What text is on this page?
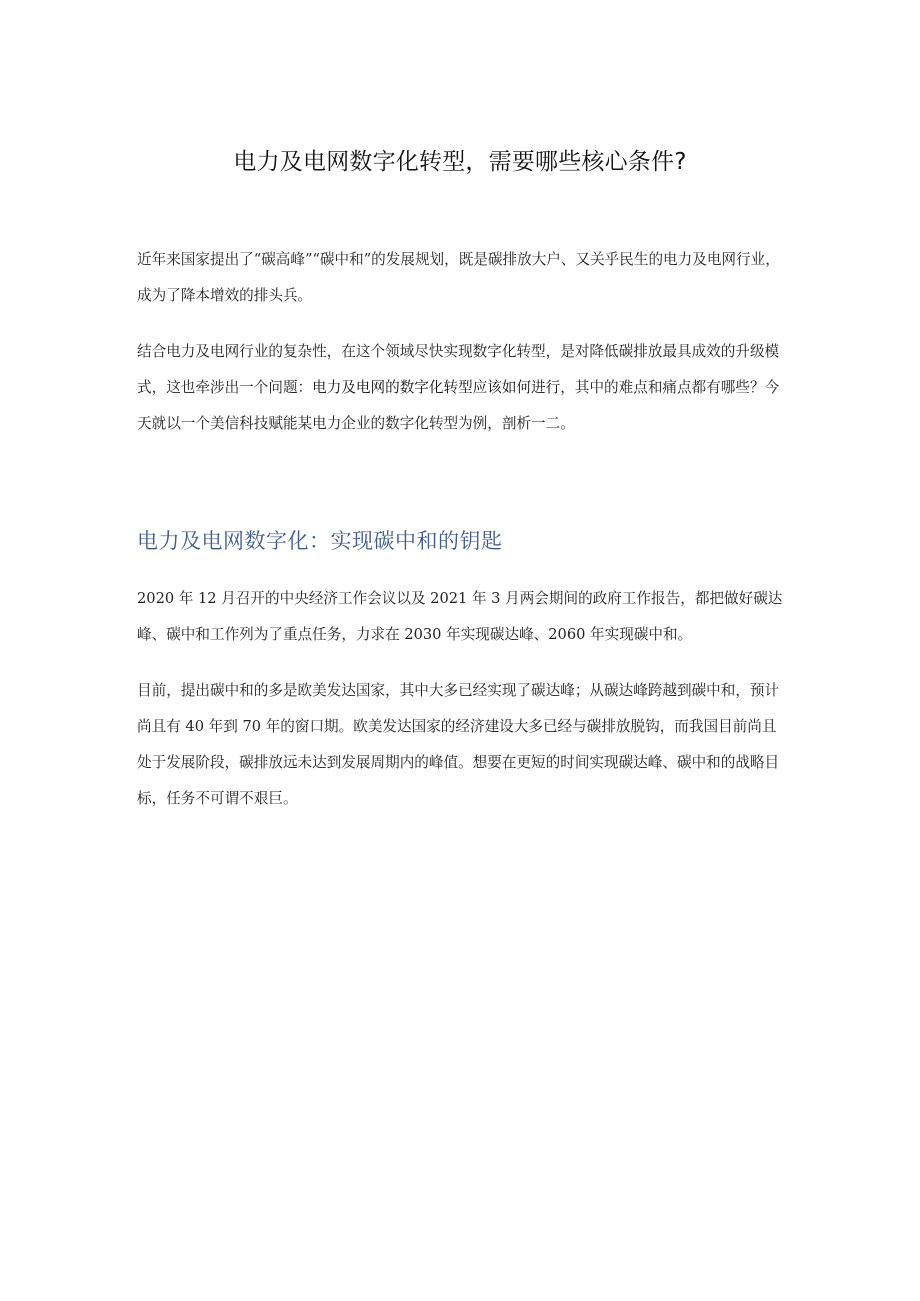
电力及电网数字化转型，需要哪些核心条件?

近年来国家提出了“碳高峰”“碳中和”的发展规划，既是碳排放大户、又关乎民生的电力及电网行业，成为了降本增效的排头兵。

结合电力及电网行业的复杂性，在这个领域尽快实现数字化转型，是对降低碳排放最具成效的升级模式，这也牵涉出一个问题：电力及电网的数字化转型应该如何进行，其中的难点和痛点都有哪些？今天就以一个美信科技赋能某电力企业的数字化转型为例，剖析一二。

电力及电网数字化：实现碳中和的钥匙

2020 年 12 月召开的中央经济工作会议以及 2021 年 3 月两会期间的政府工作报告，都把做好碳达峰、碳中和工作列为了重点任务，力求在 2030 年实现碳达峰、2060 年实现碳中和。

目前，提出碳中和的多是欧美发达国家，其中大多已经实现了碳达峰；从碳达峰跨越到碳中和，预计尚且有 40 年到 70 年的窗口期。欧美发达国家的经济建设大多已经与碳排放脱钩，而我国目前尚且处于发展阶段，碳排放远未达到发展周期内的峰值。想要在更短的时间实现碳达峰、碳中和的战略目标，任务不可谓不艰巨。
